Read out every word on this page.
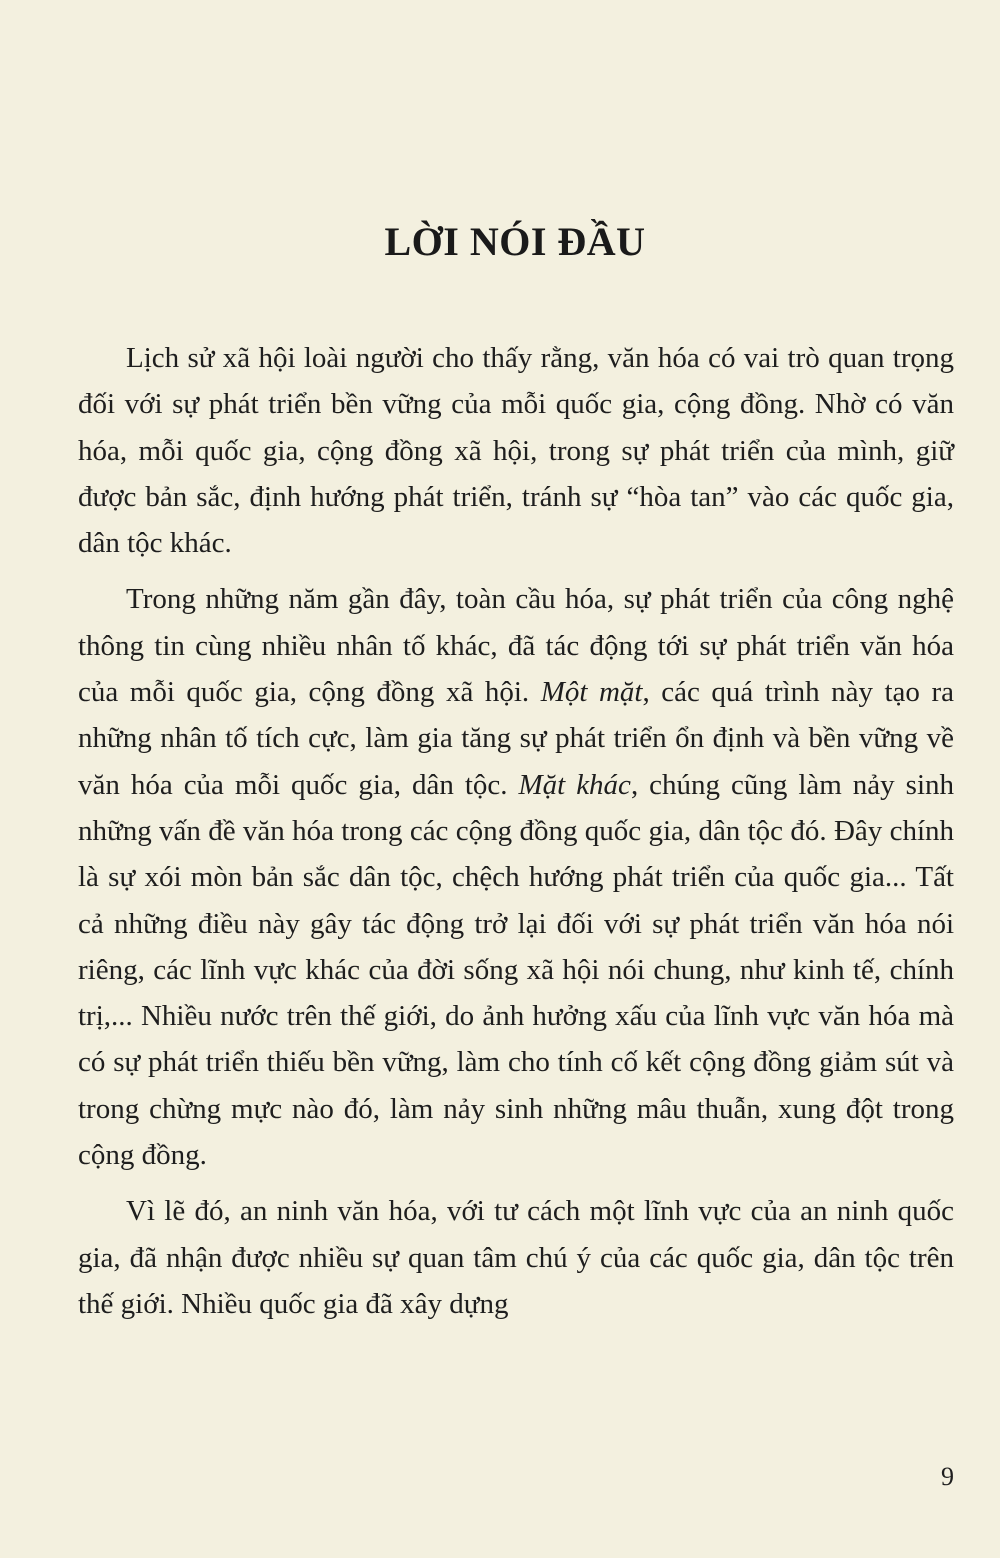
LỜI NÓI ĐẦU

Lịch sử xã hội loài người cho thấy rằng, văn hóa có vai trò quan trọng đối với sự phát triển bền vững của mỗi quốc gia, cộng đồng. Nhờ có văn hóa, mỗi quốc gia, cộng đồng xã hội, trong sự phát triển của mình, giữ được bản sắc, định hướng phát triển, tránh sự “hòa tan” vào các quốc gia, dân tộc khác.

Trong những năm gần đây, toàn cầu hóa, sự phát triển của công nghệ thông tin cùng nhiều nhân tố khác, đã tác động tới sự phát triển văn hóa của mỗi quốc gia, cộng đồng xã hội. Một mặt, các quá trình này tạo ra những nhân tố tích cực, làm gia tăng sự phát triển ổn định và bền vững về văn hóa của mỗi quốc gia, dân tộc. Mặt khác, chúng cũng làm nảy sinh những vấn đề văn hóa trong các cộng đồng quốc gia, dân tộc đó. Đây chính là sự xói mòn bản sắc dân tộc, chệch hướng phát triển của quốc gia... Tất cả những điều này gây tác động trở lại đối với sự phát triển văn hóa nói riêng, các lĩnh vực khác của đời sống xã hội nói chung, như kinh tế, chính trị,... Nhiều nước trên thế giới, do ảnh hưởng xấu của lĩnh vực văn hóa mà có sự phát triển thiếu bền vững, làm cho tính cố kết cộng đồng giảm sút và trong chừng mực nào đó, làm nảy sinh những mâu thuẫn, xung đột trong cộng đồng.

Vì lẽ đó, an ninh văn hóa, với tư cách một lĩnh vực của an ninh quốc gia, đã nhận được nhiều sự quan tâm chú ý của các quốc gia, dân tộc trên thế giới. Nhiều quốc gia đã xây dựng

9
